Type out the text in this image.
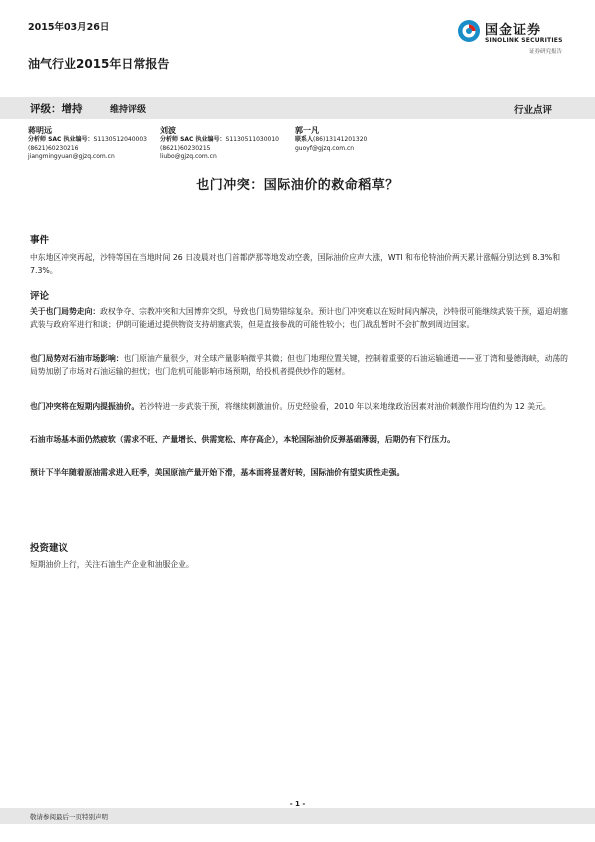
2015年03月26日	国金证券
SINOLINK SECURITIES
证券研究报告
油气行业2015年日常报告
评级：增持	维持评级	行业点评
蒋明远
分析师 SAC 执业编号：S1130512040003
(8621)60230216
jiangmingyuan@gjzq.com.cn
刘波
分析师 SAC 执业编号：S1130511030010
(8621)60230215
liubo@gjzq.com.cn
郭一凡
联系人(86)13141201320
guoyf@gjzq.com.cn
也门冲突：国际油价的救命稻草？
事件
中东地区冲突再起，沙特等国在当地时间 26 日凌晨对也门首都萨那等地发动空袭，国际油价应声大涨，WTI 和布伦特油价两天累计涨幅分别达到 8.3%和 7.3%。
评论
关于也门局势走向：政权争夺、宗教冲突和大国博弈交织，导致也门局势错综复杂。预计也门冲突难以在短时间内解决，沙特很可能继续武装干预，逼迫胡塞武装与政府军进行和谈；伊朗可能通过提供物资支持胡塞武装，但是直接参战的可能性较小；也门战乱暂时不会扩散到周边国家。
也门局势对石油市场影响：也门原油产量很少，对全球产量影响微乎其微；但也门地理位置关键，控制着重要的石油运输通道——亚丁湾和曼德海峡，动荡的局势加剧了市场对石油运输的担忧；也门危机可能影响市场预期，给投机者提供炒作的题材。
也门冲突将在短期内提振油价。若沙特进一步武装干预，将继续刺激油价。历史经验看，2010 年以来地缘政治因素对油价刺激作用均值约为 12 美元。
石油市场基本面仍然疲软（需求不旺、产量增长、供需宽松、库存高企），本轮国际油价反弹基础薄弱，后期仍有下行压力。
预计下半年随着原油需求进入旺季，美国原油产量开始下滑，基本面将显著好转，国际油价有望实质性走强。
投资建议
短期油价上行，关注石油生产企业和油服企业。
- 1 -
敬请参阅最后一页特别声明
